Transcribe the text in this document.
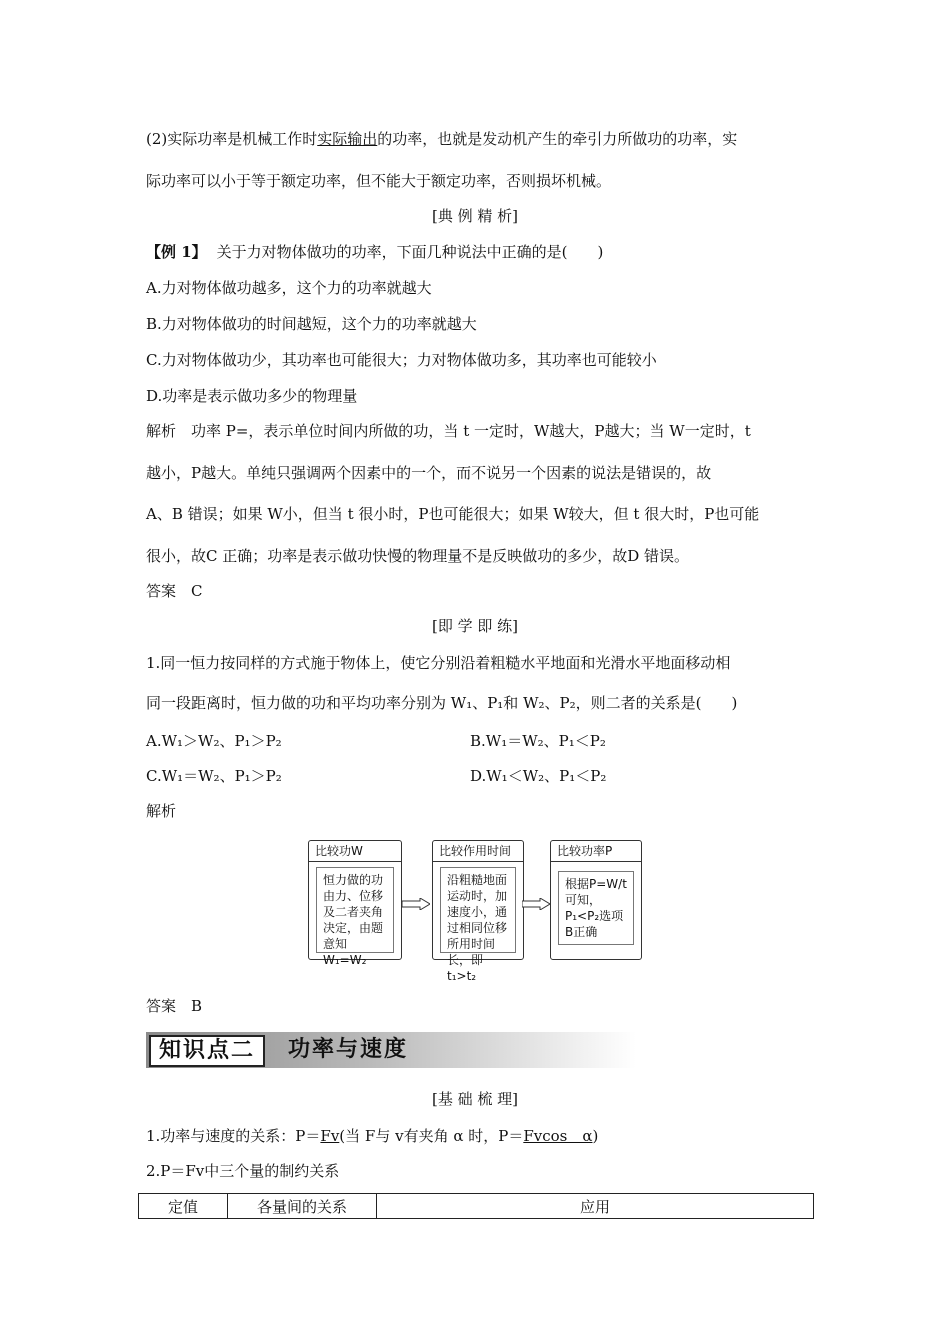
(2)实际功率是机械工作时实际输出的功率，也就是发动机产生的牵引力所做功的功率，实
际功率可以小于等于额定功率，但不能大于额定功率，否则损坏机械。
[典 例 精 析]
【例 1】 关于力对物体做功的功率，下面几种说法中正确的是(　　)
A.力对物体做功越多，这个力的功率就越大
B.力对物体做功的时间越短，这个力的功率就越大
C.力对物体做功少，其功率也可能很大；力对物体做功多，其功率也可能较小
D.功率是表示做功多少的物理量
解析　功率 P=，表示单位时间内所做的功，当 t 一定时，W越大，P越大；当 W一定时，t
越小，P越大。单纯只强调两个因素中的一个，而不说另一个因素的说法是错误的，故
A、B 错误；如果 W小，但当 t 很小时，P也可能很大；如果 W较大，但 t 很大时，P也可能
很小，故C 正确；功率是表示做功快慢的物理量不是反映做功的多少，故D 错误。
答案　C
[即 学 即 练]
1.同一恒力按同样的方式施于物体上，使它分别沿着粗糙水平地面和光滑水平地面移动相
同一段距离时，恒力做的功和平均功率分别为 W₁、P₁和 W₂、P₂，则二者的关系是(　　)
A.W₁＞W₂、P₁＞P₂	B.W₁＝W₂、P₁＜P₂
C.W₁＝W₂、P₁＞P₂	D.W₁＜W₂、P₁＜P₂
解析
比较功W
恒力做的功由力、位移及二者夹角决定，由题意知W₁=W₂
比较作用时间
沿粗糙地面运动时，加速度小，通过相同位移所用时间长，即t₁>t₂
比较功率P
根据P=W/t可知，P₁<P₂选项B正确
答案　B
知识点二	功率与速度
[基 础 梳 理]
1.功率与速度的关系：P＝Fv(当 F与 v有夹角 α 时，P＝Fvcos　α)
2.P＝Fv中三个量的制约关系
定值	各量间的关系	应用
